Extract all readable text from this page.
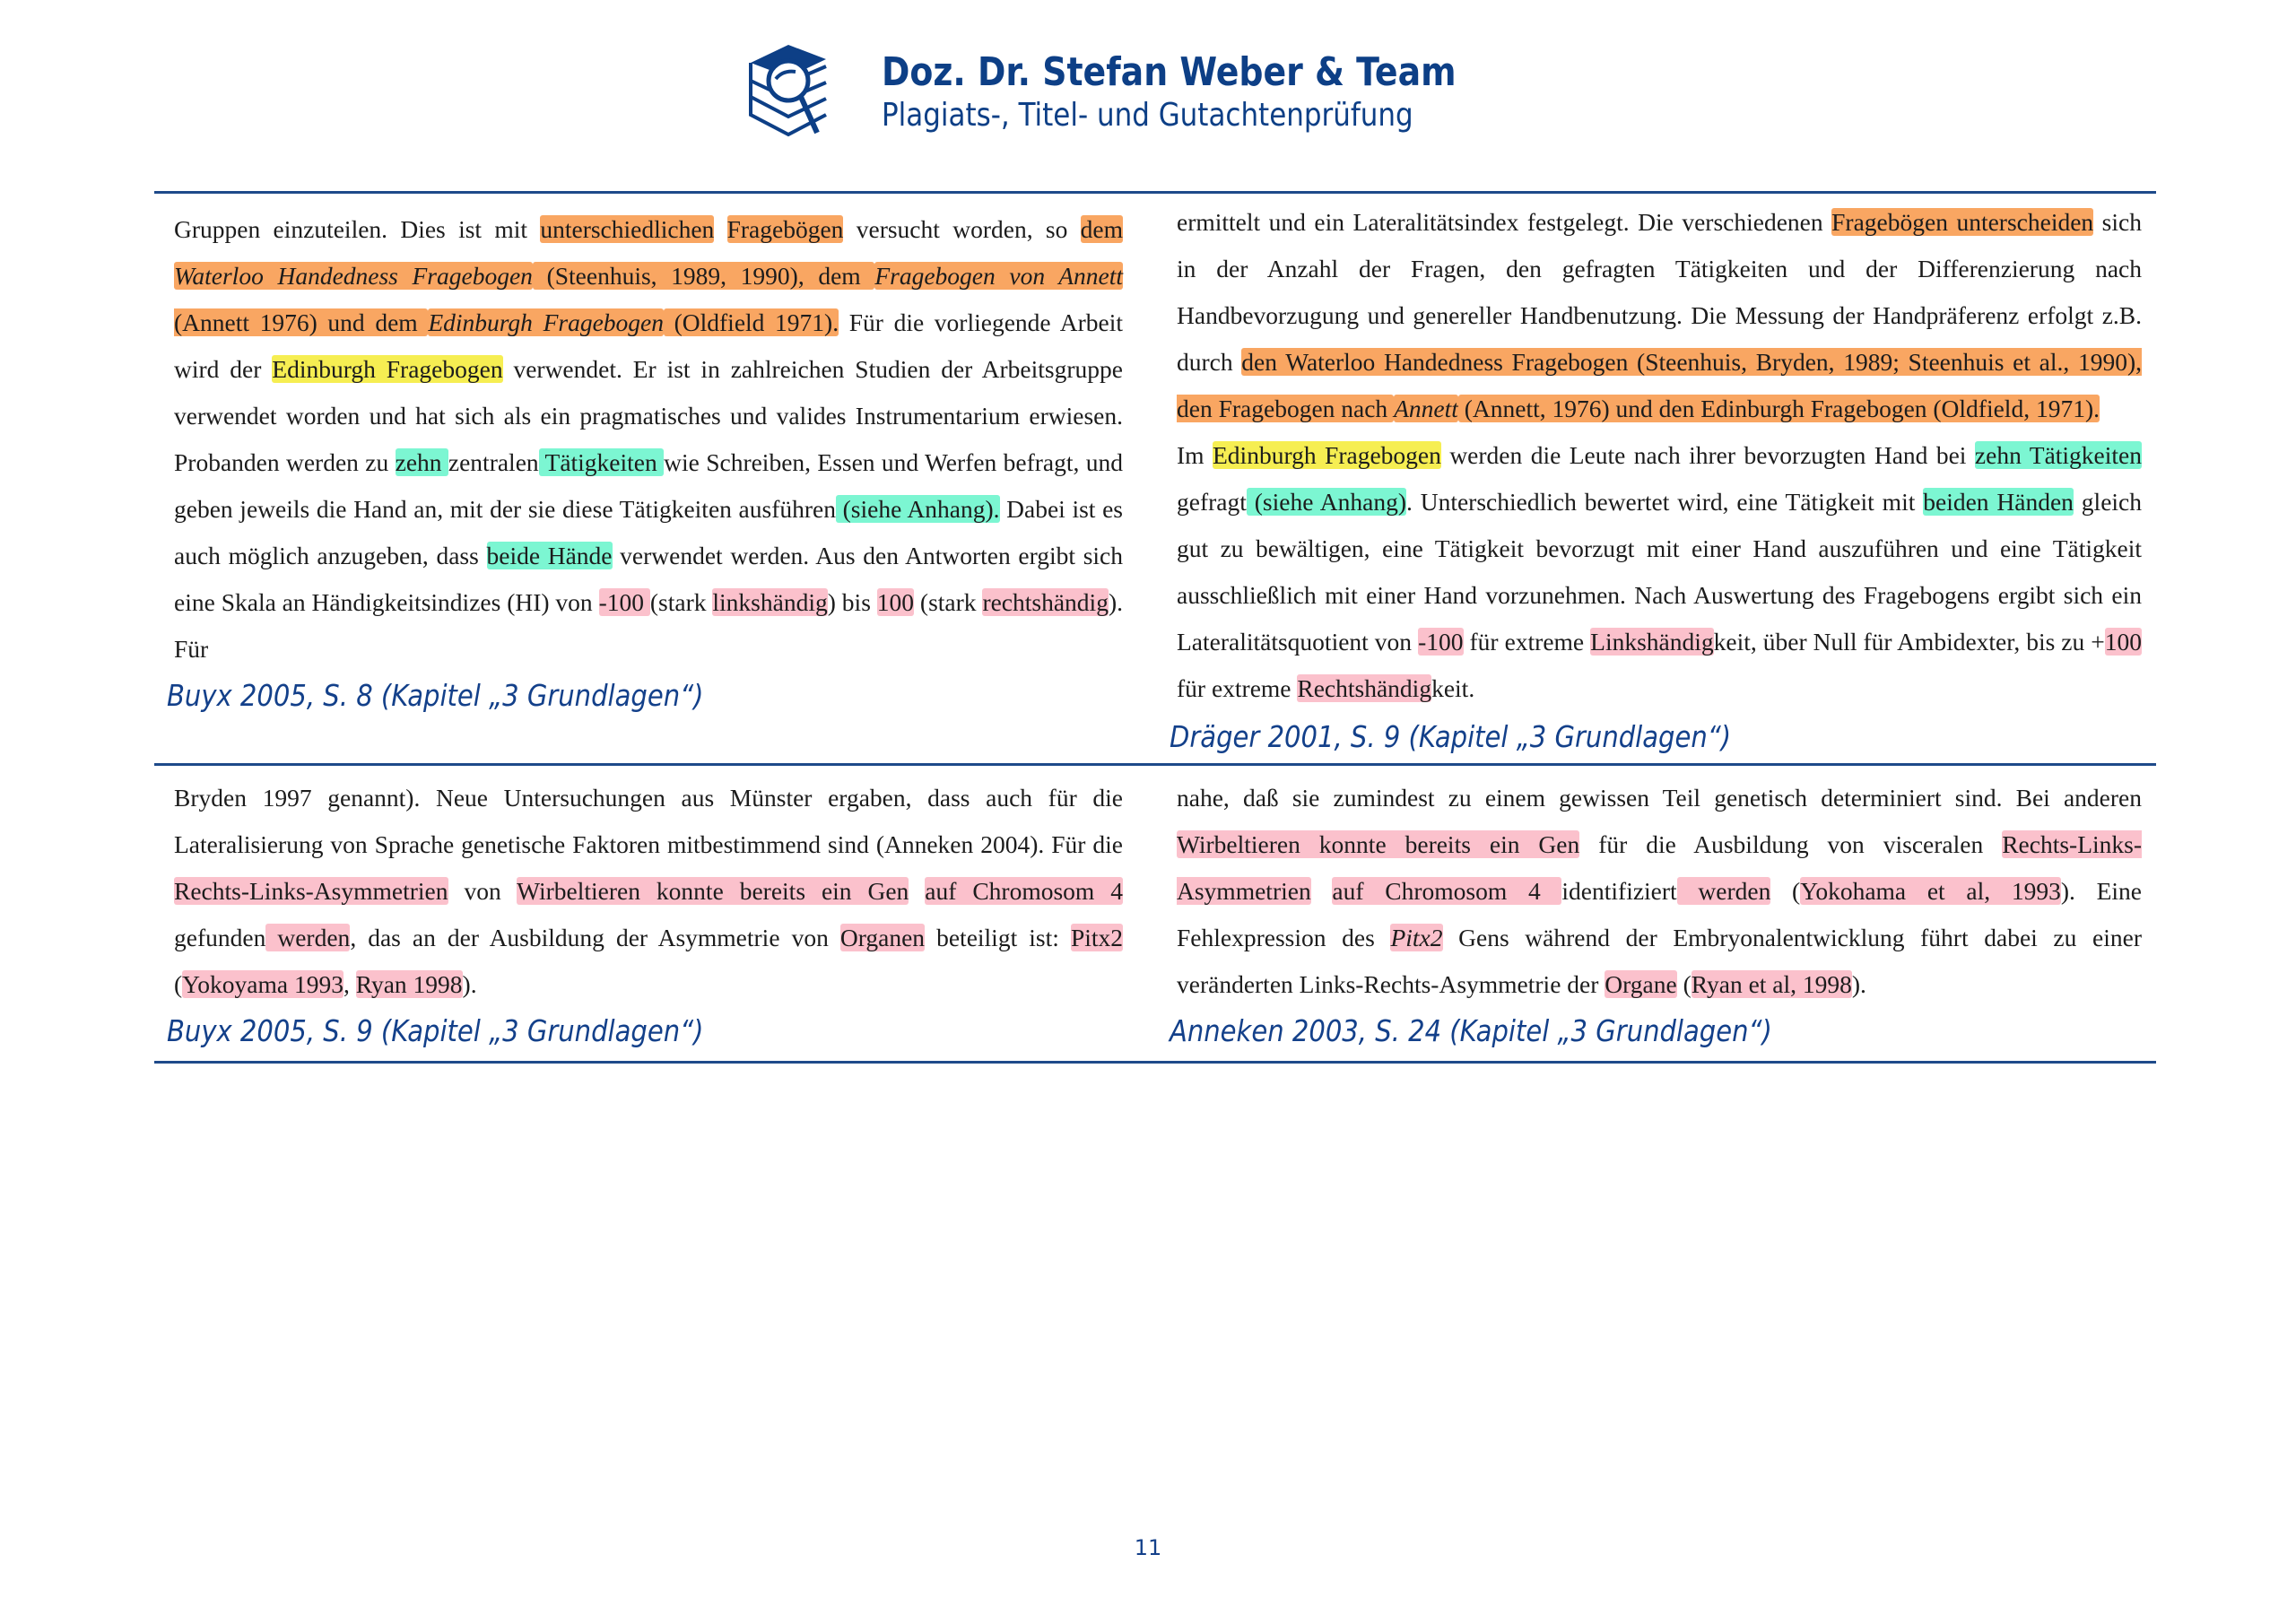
Doz. Dr. Stefan Weber & Team
Plagiats-, Titel- und Gutachtenprüfung
Gruppen einzuteilen. Dies ist mit unterschiedlichen Fragebögen versucht worden, so dem Waterloo Handedness Fragebogen (Steenhuis, 1989, 1990), dem Fragebogen von Annett (Annett 1976) und dem Edinburgh Fragebogen (Oldfield 1971). Für die vorliegende Arbeit wird der Edinburgh Fragebogen verwendet. Er ist in zahlreichen Studien der Arbeitsgruppe verwendet worden und hat sich als ein pragmatisches und valides Instrumentarium erwiesen. Probanden werden zu zehn zentralen Tätigkeiten wie Schreiben, Essen und Werfen befragt, und geben jeweils die Hand an, mit der sie diese Tätigkeiten ausführen (siehe Anhang). Dabei ist es auch möglich anzugeben, dass beide Hände verwendet werden. Aus den Antworten ergibt sich eine Skala an Händigkeitsindizes (HI) von -100 (stark linkshändig) bis 100 (stark rechtshändig). Für
Buyx 2005, S. 8 (Kapitel „3 Grundlagen“)

ermittelt und ein Lateralitätsindex festgelegt. Die verschiedenen Fragebögen unterscheiden sich in der Anzahl der Fragen, den gefragten Tätigkeiten und der Differenzierung nach Handbevorzugung und genereller Handbenutzung. Die Messung der Handpräferenz erfolgt z.B. durch den Waterloo Handedness Fragebogen (Steenhuis, Bryden, 1989; Steenhuis et al., 1990), den Fragebogen nach Annett (Annett, 1976) und den Edinburgh Fragebogen (Oldfield, 1971).

Im Edinburgh Fragebogen werden die Leute nach ihrer bevorzugten Hand bei zehn Tätigkeiten gefragt (siehe Anhang). Unterschiedlich bewertet wird, eine Tätigkeit mit beiden Händen gleich gut zu bewältigen, eine Tätigkeit bevorzugt mit einer Hand auszuführen und eine Tätigkeit ausschließlich mit einer Hand vorzunehmen. Nach Auswertung des Fragebogens ergibt sich ein Lateralitätsquotient von -100 für extreme Linkshändigkeit, über Null für Ambidexter, bis zu +100 für extreme Rechtshändigkeit.

Dräger 2001, S. 9 (Kapitel „3 Grundlagen“)
Bryden 1997 genannt). Neue Untersuchungen aus Münster ergaben, dass auch für die Lateralisierung von Sprache genetische Faktoren mitbestimmend sind (Anneken 2004). Für die Rechts-Links-Asymmetrien von Wirbeltieren konnte bereits ein Gen auf Chromosom 4 gefunden werden, das an der Ausbildung der Asymmetrie von Organen beteiligt ist: Pitx2 (Yokoyama 1993, Ryan 1998).
Buyx 2005, S. 9 (Kapitel „3 Grundlagen“)
nahe, daß sie zumindest zu einem gewissen Teil genetisch determiniert sind. Bei anderen Wirbeltieren konnte bereits ein Gen für die Ausbildung von visceralen Rechts-Links-Asymmetrien auf Chromosom 4 identifiziert werden (Yokohama et al, 1993). Eine Fehlexpression des Pitx2 Gens während der Embryonalentwicklung führt dabei zu einer veränderten Links-Rechts-Asymmetrie der Organe (Ryan et al, 1998).
Anneken 2003, S. 24 (Kapitel „3 Grundlagen“)
11
